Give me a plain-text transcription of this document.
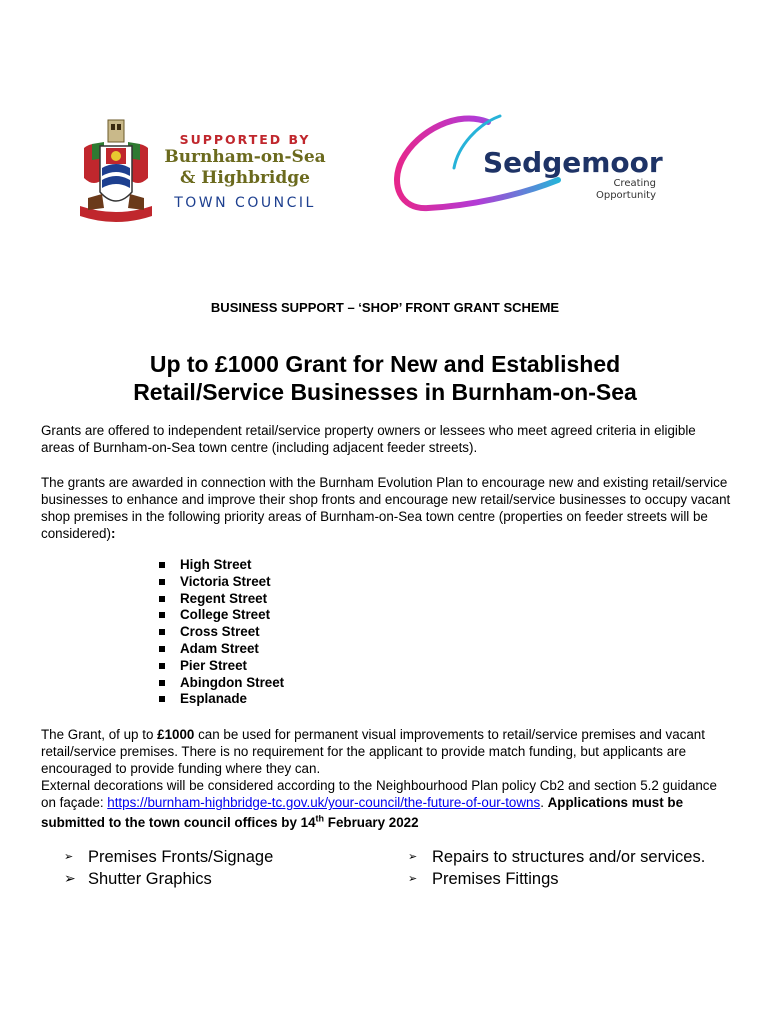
SUPPORTED BY
Burnham-on-Sea
& Highbridge
TOWN COUNCIL
Sedgemoor
Creating
Opportunity
BUSINESS SUPPORT – ‘SHOP’ FRONT GRANT SCHEME
Up to £1000 Grant for New and Established
Retail/Service Businesses in Burnham-on-Sea
Grants are offered to independent retail/service property owners or lessees who meet agreed criteria in eligible areas of Burnham-on-Sea town centre (including adjacent feeder streets).
The grants are awarded in connection with the Burnham Evolution Plan to encourage new and existing retail/service businesses to enhance and improve their shop fronts and encourage new retail/service businesses to occupy vacant shop premises in the following priority areas of Burnham-on-Sea town centre (properties on feeder streets will be considered):
High Street
Victoria Street
Regent Street
College Street
Cross Street
Adam Street
Pier Street
Abingdon Street
Esplanade
The Grant, of up to £1000 can be used for permanent visual improvements to retail/service premises and vacant retail/service premises. There is no requirement for the applicant to provide match funding, but applicants are encouraged to provide funding where they can.
External decorations will be considered according to the Neighbourhood Plan policy Cb2 and section 5.2 guidance on façade: https://burnham-highbridge-tc.gov.uk/your-council/the-future-of-our-towns. Applications must be submitted to the town council offices by 14th February 2022
➢ Premises Fronts/Signage
➢ Shutter Graphics
➢ Repairs to structures and/or services.
➢ Premises Fittings
